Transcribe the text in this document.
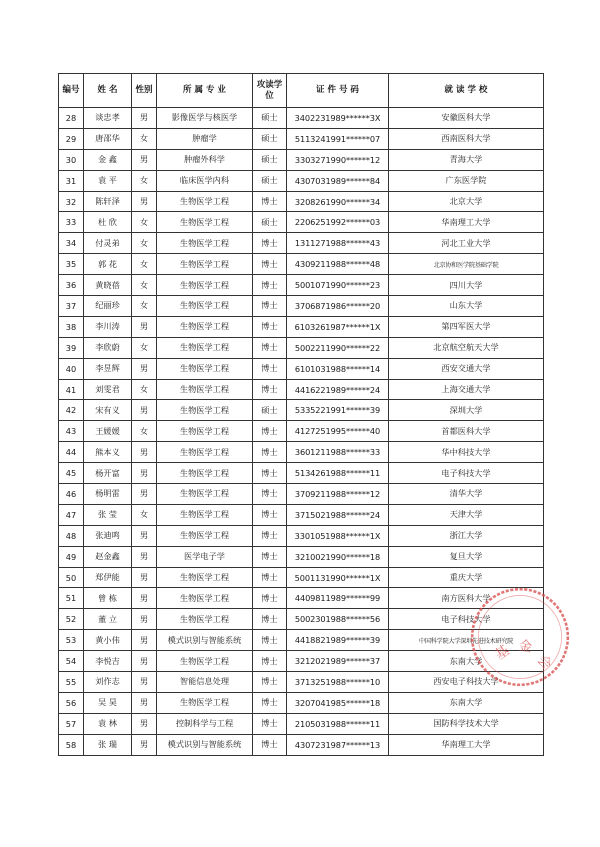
编号	姓 名	性别	所 属 专 业	攻读学位	证 件 号 码	就 读 学 校
28	谈忠孝	男	影像医学与核医学	硕士	3402231989******3X	安徽医科大学
29	唐邵华	女	肿瘤学	硕士	5113241991******07	西南医科大学
30	金 鑫	男	肿瘤外科学	硕士	3303271990******12	青海大学
31	袁 平	女	临床医学内科	硕士	4307031989******84	广东医学院
32	陈轩泽	男	生物医学工程	博士	3208261990******34	北京大学
33	杜 欣	女	生物医学工程	硕士	2206251992******03	华南理工大学
34	付灵弟	女	生物医学工程	博士	1311271988******43	河北工业大学
35	郭 花	女	生物医学工程	博士	4309211988******48	北京协和医学院基础学院
36	黄晓蓓	女	生物医学工程	博士	5001071990******23	四川大学
37	纪丽珍	女	生物医学工程	博士	3706871986******20	山东大学
38	李川涛	男	生物医学工程	博士	6103261987******1X	第四军医大学
39	李欣蔚	女	生物医学工程	博士	5002211990******22	北京航空航天大学
40	李昱辉	男	生物医学工程	博士	6101031988******14	西安交通大学
41	刘雯君	女	生物医学工程	博士	4416221989******24	上海交通大学
42	宋有义	男	生物医学工程	硕士	5335221991******39	深圳大学
43	王媛媛	女	生物医学工程	博士	4127251995******40	首都医科大学
44	熊本义	男	生物医学工程	博士	3601211988******33	华中科技大学
45	杨开富	男	生物医学工程	博士	5134261988******11	电子科技大学
46	杨明雷	男	生物医学工程	博士	3709211988******12	清华大学
47	张 莹	女	生物医学工程	博士	3715021988******24	天津大学
48	张迪鸣	男	生物医学工程	博士	3301051988******1X	浙江大学
49	赵金鑫	男	医学电子学	博士	3210021990******18	复旦大学
50	郑伊能	男	生物医学工程	博士	5001131990******1X	重庆大学
51	曾 栋	男	生物医学工程	博士	4409811989******99	南方医科大学
52	董 立	男	生物医学工程	博士	5002301988******56	电子科技大学
53	黄小伟	男	模式识别与智能系统	博士	4418821989******39	中国科学院大学深圳先进技术研究院
54	李悦吉	男	生物医学工程	博士	3212021989******37	东南大学
55	刘作志	男	智能信息处理	博士	3713251988******10	西安电子科技大学
56	吴 昊	男	生物医学工程	博士	3207041985******18	东南大学
57	袁 林	男	控制科学与工程	博士	2105031988******11	国防科学技术大学
58	张 瑞	男	模式识别与智能系统	博士	4307231987******13	华南理工大学
基 金
会
